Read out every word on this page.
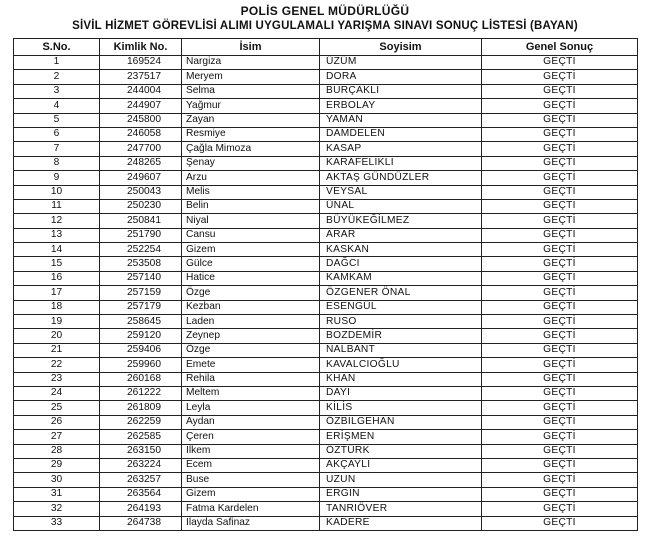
POLİS GENEL MÜDÜRLÜĞÜ
SİVİL HİZMET GÖREVLİSİ ALIMI UYGULAMALI YARIŞMA SINAVI SONUÇ LİSTESİ (BAYAN)
S.No.	Kimlik No.	İsim	Soyisim	Genel Sonuç
1	169524	Nargiza	ÜZÜM	GEÇTİ
2	237517	Meryem	DORA	GEÇTİ
3	244004	Selma	BURÇAKLI	GEÇTİ
4	244907	Yağmur	ERBOLAY	GEÇTİ
5	245800	Zayan	YAMAN	GEÇTİ
6	246058	Resmiye	DAMDELEN	GEÇTİ
7	247700	Çağla Mimoza	KASAP	GEÇTİ
8	248265	Şenay	KARAFELİKLİ	GEÇTİ
9	249607	Arzu	AKTAŞ GÜNDÜZLER	GEÇTİ
10	250043	Melis	VEYSAL	GEÇTİ
11	250230	Belin	ÜNAL	GEÇTİ
12	250841	Niyal	BÜYÜKEĞİLMEZ	GEÇTİ
13	251790	Cansu	ARAR	GEÇTİ
14	252254	Gizem	KASKAN	GEÇTİ
15	253508	Gülce	DAĞCI	GEÇTİ
16	257140	Hatice	KAMKAM	GEÇTİ
17	257159	Özge	ÖZGENER ÖNAL	GEÇTİ
18	257179	Kezban	ESENGÜL	GEÇTİ
19	258645	Laden	RUSO	GEÇTİ
20	259120	Zeynep	BOZDEMİR	GEÇTİ
21	259406	Özge	NALBANT	GEÇTİ
22	259960	Emete	KAVALCIOĞLU	GEÇTİ
23	260168	Rehila	KHAN	GEÇTİ
24	261222	Meltem	DAYI	GEÇTİ
25	261809	Leyla	KİLİS	GEÇTİ
26	262259	Aydan	ÖZBİLGEHAN	GEÇTİ
27	262585	Çeren	ERİŞMEN	GEÇTİ
28	263150	İlkem	ÖZTÜRK	GEÇTİ
29	263224	Ecem	AKÇAYLI	GEÇTİ
30	263257	Buse	UZUN	GEÇTİ
31	263564	Gizem	ERGİN	GEÇTİ
32	264193	Fatma Kardelen	TANRIÖVER	GEÇTİ
33	264738	İlayda Safinaz	KADERE	GEÇTİ
